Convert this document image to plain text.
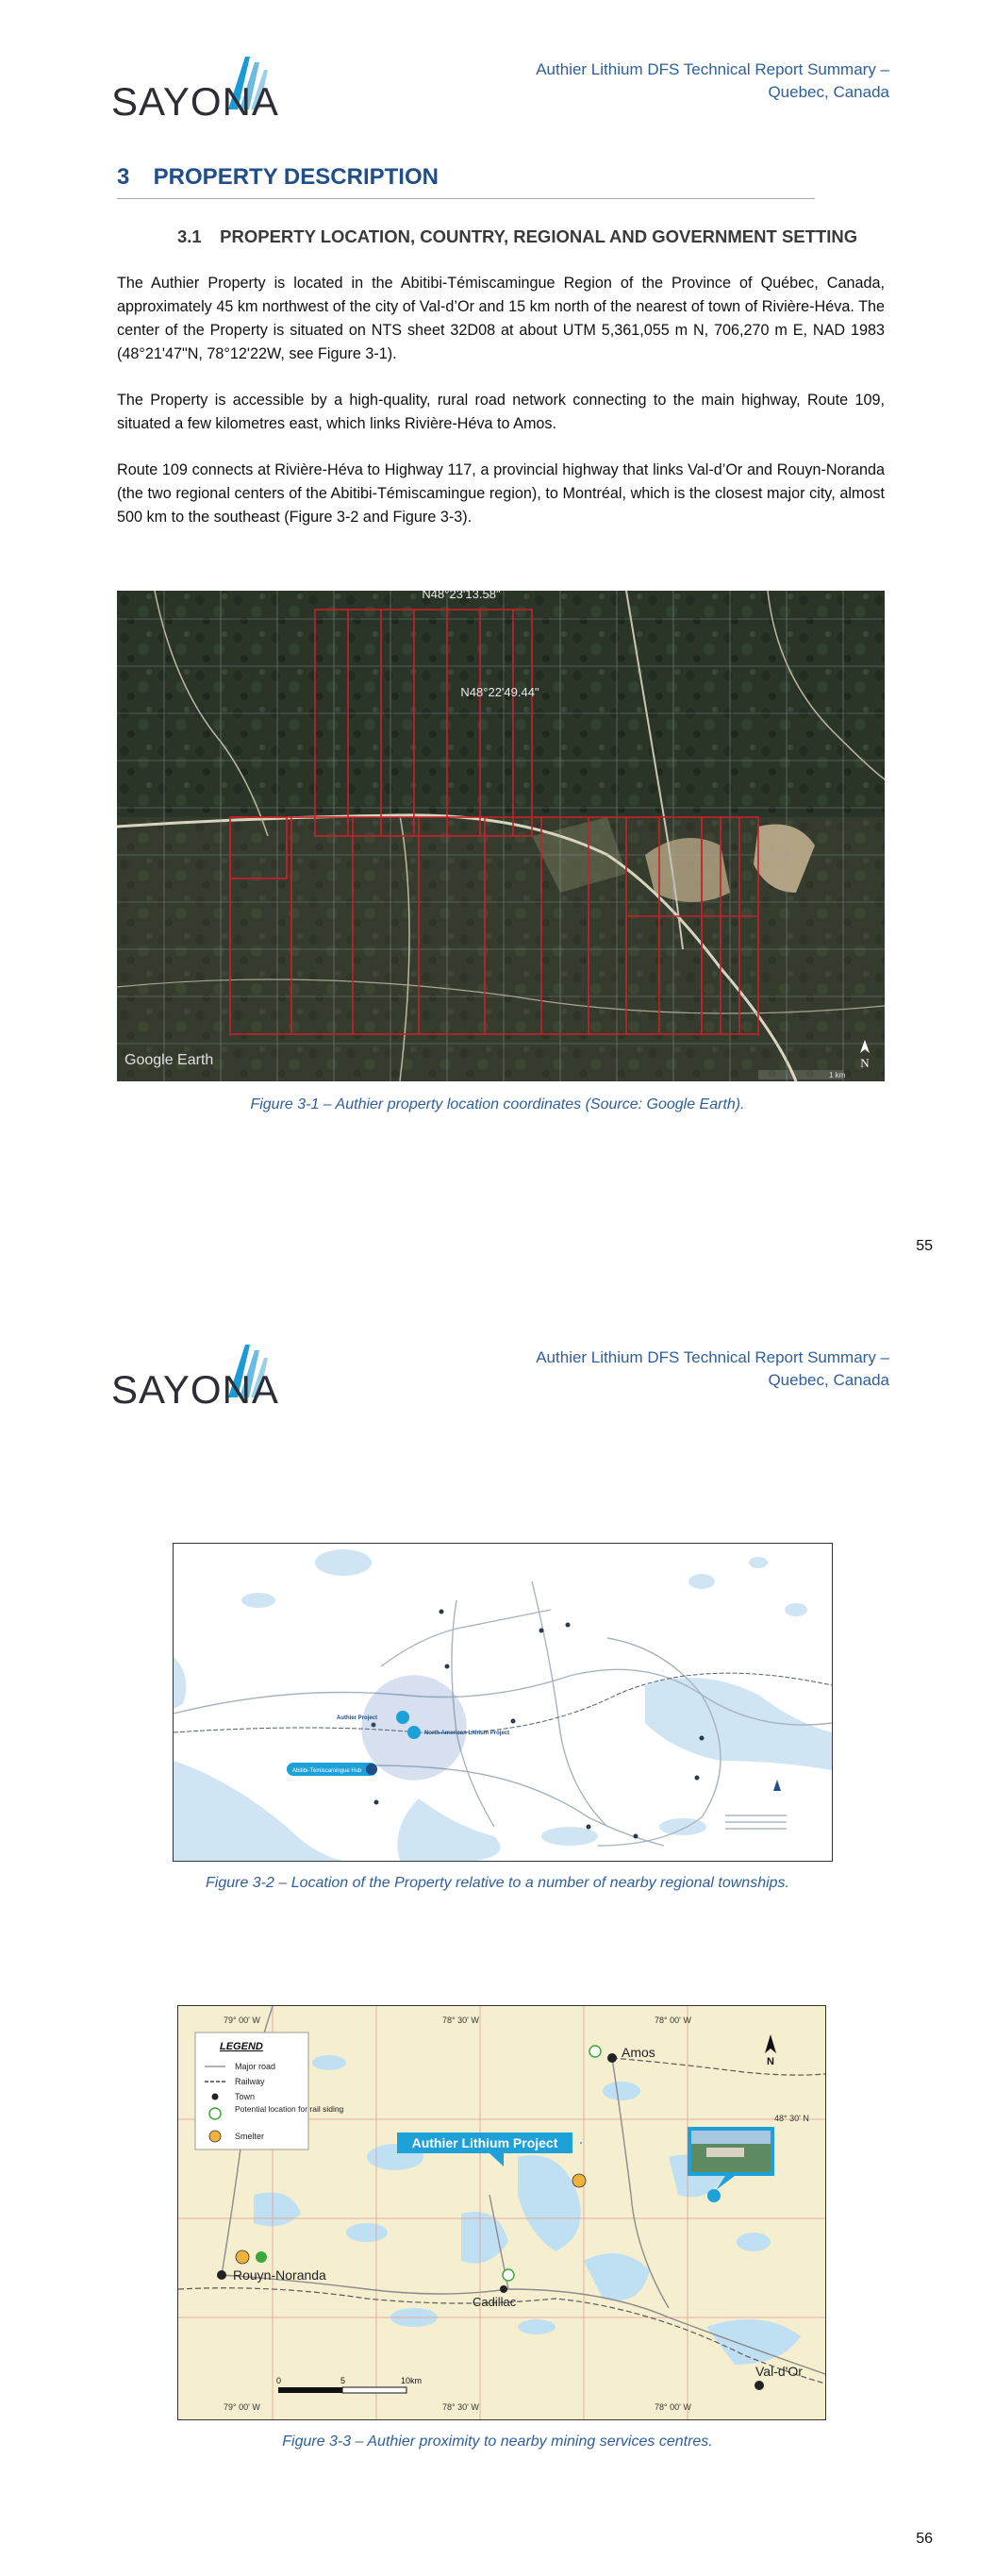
SAYONA
Authier Lithium DFS Technical Report Summary –
Quebec, Canada
3 PROPERTY DESCRIPTION
3.1 PROPERTY LOCATION, COUNTRY, REGIONAL AND GOVERNMENT SETTING
The Authier Property is located in the Abitibi-Témiscamingue Region of the Province of Québec, Canada, approximately 45 km northwest of the city of Val-d’Or and 15 km north of the nearest of town of Rivière-Héva. The center of the Property is situated on NTS sheet 32D08 at about UTM 5,361,055 m N, 706,270 m E, NAD 1983 (48°21'47"N, 78°12'22W, see Figure 3-1).
The Property is accessible by a high-quality, rural road network connecting to the main highway, Route 109, situated a few kilometres east, which links Rivière-Héva to Amos.
Route 109 connects at Rivière-Héva to Highway 117, a provincial highway that links Val-d’Or and Rouyn-Noranda (the two regional centers of the Abitibi-Témiscamingue region), to Montréal, which is the closest major city, almost 500 km to the southeast (Figure 3-2 and Figure 3-3).
N48°23'13.58"
N48°22'49.44"
Google Earth	N
1 km
Figure 3-1 – Authier property location coordinates (Source: Google Earth).
55
SAYONA
Authier Lithium DFS Technical Report Summary –
Quebec, Canada
Authier Project
North American Lithium Project
Abitibi-Témiscamingue Hub
Figure 3-2 – Location of the Property relative to a number of nearby regional townships.
79° 00' W	78° 30' W	78° 00' W
79° 00' W	78° 30' W	78° 00' W
48° 30' N
LEGEND
Major road
Railway
Town
Potential location for rail siding
Smelter	Authier Lithium Project
Amos
Rouyn-Noranda
Cadillac
Val-d'Or
N
0	5	10km
Figure 3-3 – Authier proximity to nearby mining services centres.
56
